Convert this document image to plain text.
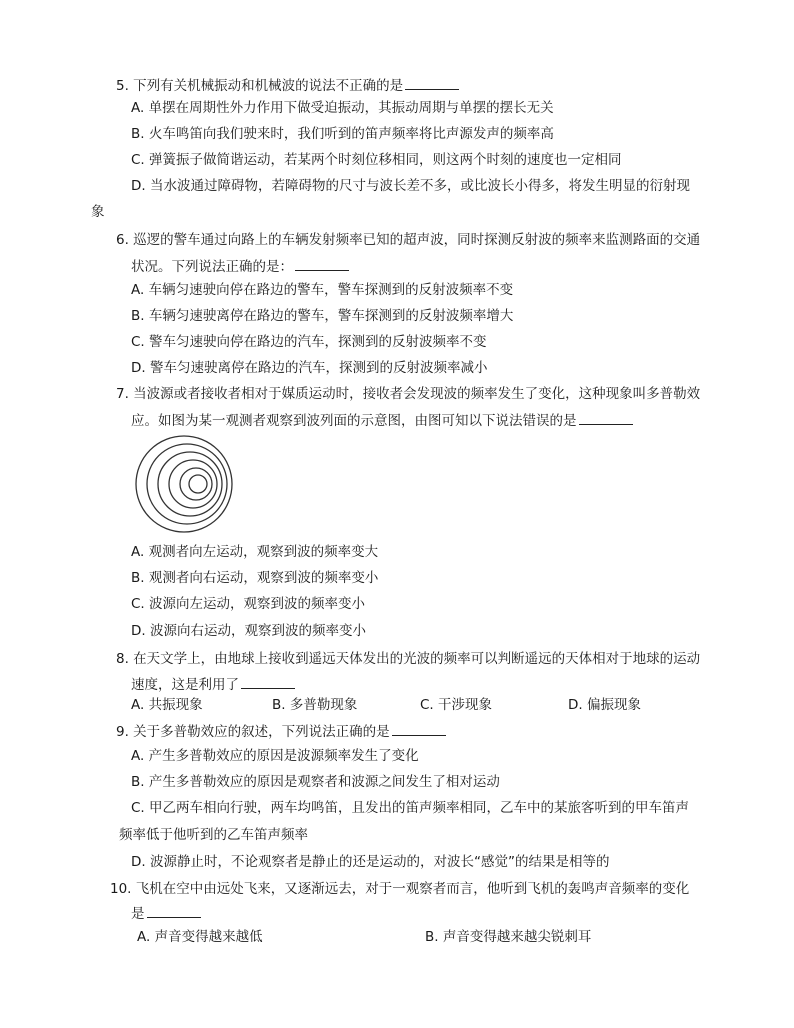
5. 下列有关机械振动和机械波的说法不正确的是
A. 单摆在周期性外力作用下做受迫振动，其振动周期与单摆的摆长无关
B. 火车鸣笛向我们驶来时，我们听到的笛声频率将比声源发声的频率高
C. 弹簧振子做简谐运动，若某两个时刻位移相同，则这两个时刻的速度也一定相同
D. 当水波通过障碍物，若障碍物的尺寸与波长差不多，或比波长小得多，将发生明显的衍射现
象
6. 巡逻的警车通过向路上的车辆发射频率已知的超声波，同时探测反射波的频率来监测路面的交通
状况。下列说法正确的是：
A. 车辆匀速驶向停在路边的警车，警车探测到的反射波频率不变
B. 车辆匀速驶离停在路边的警车，警车探测到的反射波频率增大
C. 警车匀速驶向停在路边的汽车，探测到的反射波频率不变
D. 警车匀速驶离停在路边的汽车，探测到的反射波频率减小
7. 当波源或者接收者相对于媒质运动时，接收者会发现波的频率发生了变化，这种现象叫多普勒效
应。如图为某一观测者观察到波列面的示意图，由图可知以下说法错误的是
A. 观测者向左运动，观察到波的频率变大
B. 观测者向右运动，观察到波的频率变小
C. 波源向左运动，观察到波的频率变小
D. 波源向右运动，观察到波的频率变小
8. 在天文学上，由地球上接收到遥远天体发出的光波的频率可以判断遥远的天体相对于地球的运动
速度，这是利用了
A. 共振现象	B. 多普勒现象	C. 干涉现象	D. 偏振现象
9. 关于多普勒效应的叙述，下列说法正确的是
A. 产生多普勒效应的原因是波源频率发生了变化
B. 产生多普勒效应的原因是观察者和波源之间发生了相对运动
C. 甲乙两车相向行驶，两车均鸣笛，且发出的笛声频率相同，乙车中的某旅客听到的甲车笛声
频率低于他听到的乙车笛声频率
D. 波源静止时，不论观察者是静止的还是运动的，对波长“感觉”的结果是相等的
10. 飞机在空中由远处飞来，又逐渐远去，对于一观察者而言，他听到飞机的轰鸣声音频率的变化
是
A. 声音变得越来越低	B. 声音变得越来越尖锐刺耳
